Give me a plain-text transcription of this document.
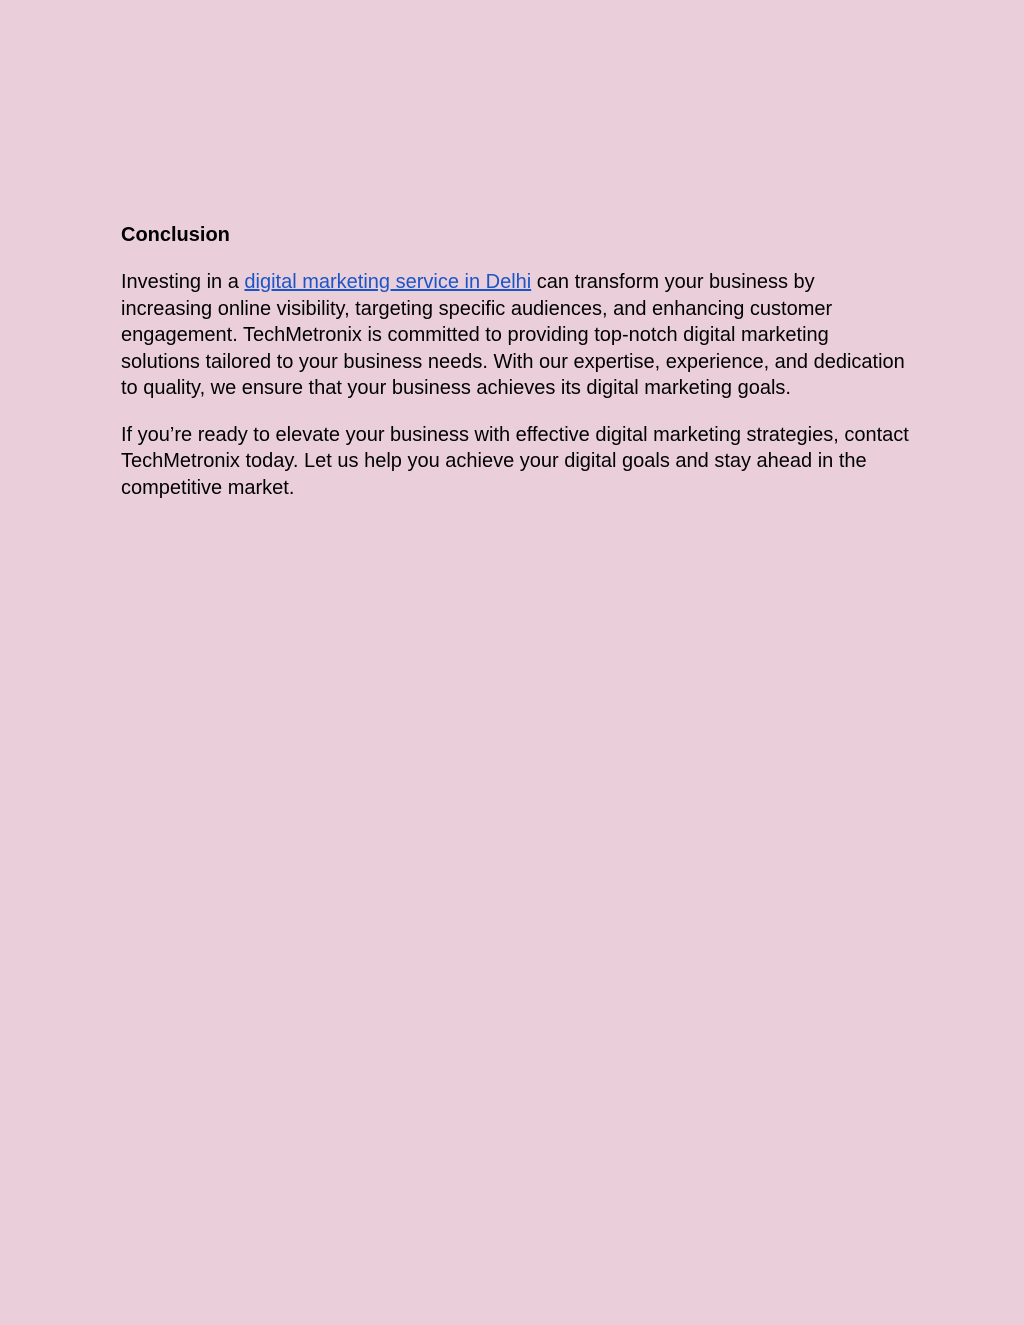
Conclusion

Investing in a digital marketing service in Delhi can transform your business by increasing online visibility, targeting specific audiences, and enhancing customer engagement. TechMetronix is committed to providing top-notch digital marketing solutions tailored to your business needs. With our expertise, experience, and dedication to quality, we ensure that your business achieves its digital marketing goals.

If you’re ready to elevate your business with effective digital marketing strategies, contact TechMetronix today. Let us help you achieve your digital goals and stay ahead in the competitive market.
